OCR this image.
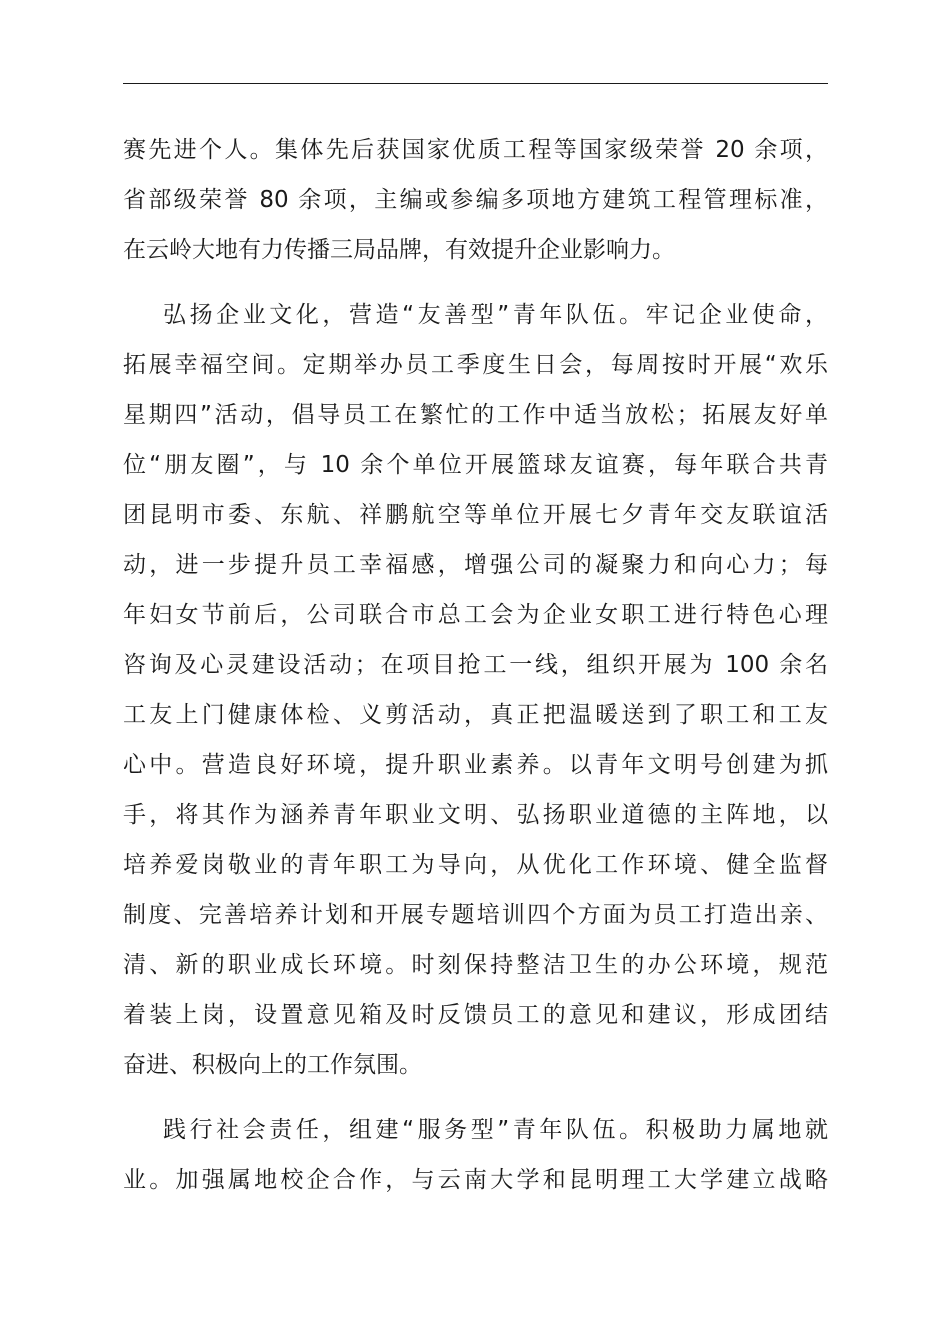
赛先进个人。集体先后获国家优质工程等国家级荣誉 20 余项，
省部级荣誉 80 余项，主编或参编多项地方建筑工程管理标准，
在云岭大地有力传播三局品牌，有效提升企业影响力。
弘扬企业文化，营造“友善型”青年队伍。牢记企业使命，
拓展幸福空间。定期举办员工季度生日会，每周按时开展“欢乐
星期四”活动，倡导员工在繁忙的工作中适当放松；拓展友好单
位“朋友圈”，与 10 余个单位开展篮球友谊赛，每年联合共青
团昆明市委、东航、祥鹏航空等单位开展七夕青年交友联谊活
动，进一步提升员工幸福感，增强公司的凝聚力和向心力；每
年妇女节前后，公司联合市总工会为企业女职工进行特色心理
咨询及心灵建设活动；在项目抢工一线，组织开展为 100 余名
工友上门健康体检、义剪活动，真正把温暖送到了职工和工友
心中。营造良好环境，提升职业素养。以青年文明号创建为抓
手，将其作为涵养青年职业文明、弘扬职业道德的主阵地，以
培养爱岗敬业的青年职工为导向，从优化工作环境、健全监督
制度、完善培养计划和开展专题培训四个方面为员工打造出亲、
清、新的职业成长环境。时刻保持整洁卫生的办公环境，规范
着装上岗，设置意见箱及时反馈员工的意见和建议，形成团结
奋进、积极向上的工作氛围。
践行社会责任，组建“服务型”青年队伍。积极助力属地就
业。加强属地校企合作，与云南大学和昆明理工大学建立战略
